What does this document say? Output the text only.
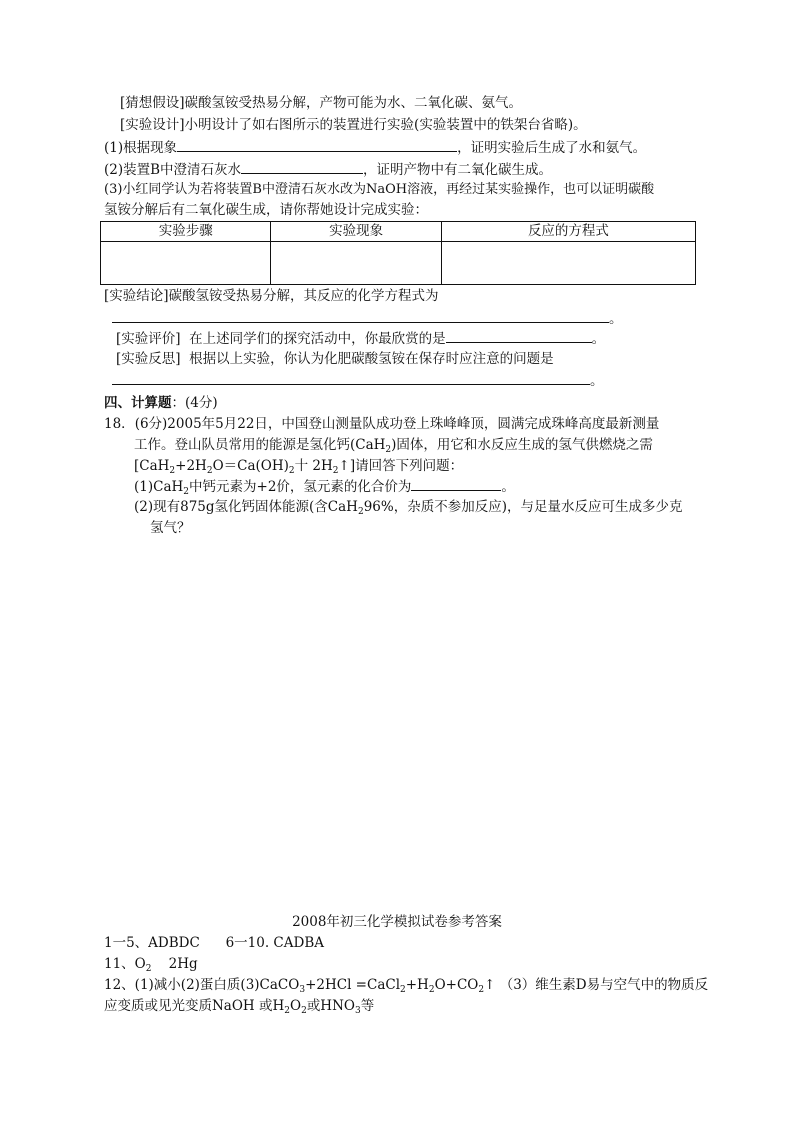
[猜想假设]碳酸氢铵受热易分解，产物可能为水、二氧化碳、氨气。
[实验设计]小明设计了如右图所示的装置进行实验(实验装置中的铁架台省略)。
(1)根据现象	，证明实验后生成了水和氨气。
(2)装置B中澄清石灰水	，证明产物中有二氧化碳生成。
(3)小红同学认为若将装置B中澄清石灰水改为NaOH溶液，再经过某实验操作，也可以证明碳酸
氢铵分解后有二氧化碳生成，请你帮她设计完成实验：
实验步骤	实验现象	反应的方程式

[实验结论]碳酸氢铵受热易分解，其反应的化学方程式为
。
[实验评价] 在上述同学们的探究活动中，你最欣赏的是	。
[实验反思] 根据以上实验，你认为化肥碳酸氢铵在保存时应注意的问题是
。
四、计算题：(4分)
18．(6分)2005年5月22日，中国登山测量队成功登上珠峰峰顶，圆满完成珠峰高度最新测量
工作。登山队员常用的能源是氢化钙(CaH$_2$)固体，用它和水反应生成的氢气供燃烧之需
[$CaH_2+2H_2O=Ca(OH)_2$十 $2H_2↑$]请回答下列问题：
(1)CaH$_2$中钙元素为+2价，氢元素的化合价为	。
(2)现有875g氢化钙固体能源(含CaH$_2$96%，杂质不参加反应)，与足量水反应可生成多少克
氢气？
2008年初三化学模拟试卷参考答案
1一5、ADBDC 6一10. CADBA
11、$O_2$ 2Hg
12、(1)减小(2)蛋白质(3)CaCO$_3$+2HCl $=CaCl_2+H_2O+CO_2↑$ （3）维生素D易与空气中的物质反
应变质或见光变质NaOH 或$H_2O_2$或$HNO_3$等
